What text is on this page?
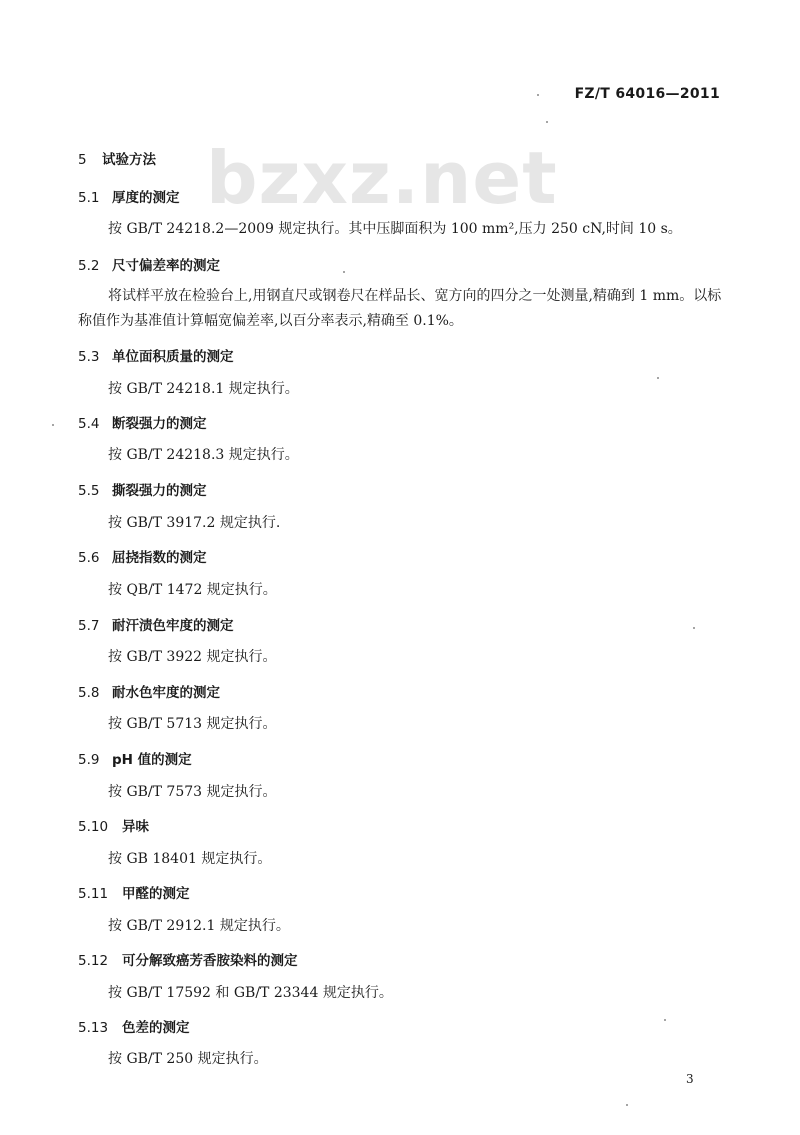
FZ/T 64016—2011
bzxz.net
5 试验方法
5.1 厚度的测定
按 GB/T 24218.2—2009 规定执行。其中压脚面积为 100 mm²,压力 250 cN,时间 10 s。
5.2 尺寸偏差率的测定

将试样平放在检验台上,用钢直尺或钢卷尺在样品长、宽方向的四分之一处测量,精确到 1 mm。以标称值作为基准值计算幅宽偏差率,以百分率表示,精确至 0.1%。

5.3 单位面积质量的测定
按 GB/T 24218.1 规定执行。
5.4 断裂强力的测定
按 GB/T 24218.3 规定执行。
5.5 撕裂强力的测定
按 GB/T 3917.2 规定执行.
5.6 屈挠指数的测定
按 QB/T 1472 规定执行。
5.7 耐汗渍色牢度的测定
按 GB/T 3922 规定执行。
5.8 耐水色牢度的测定
按 GB/T 5713 规定执行。
5.9 pH 值的测定
按 GB/T 7573 规定执行。
5.10 异味
按 GB 18401 规定执行。
5.11 甲醛的测定
按 GB/T 2912.1 规定执行。
5.12 可分解致癌芳香胺染料的测定
按 GB/T 17592 和 GB/T 23344 规定执行。
5.13 色差的测定
按 GB/T 250 规定执行。
3
